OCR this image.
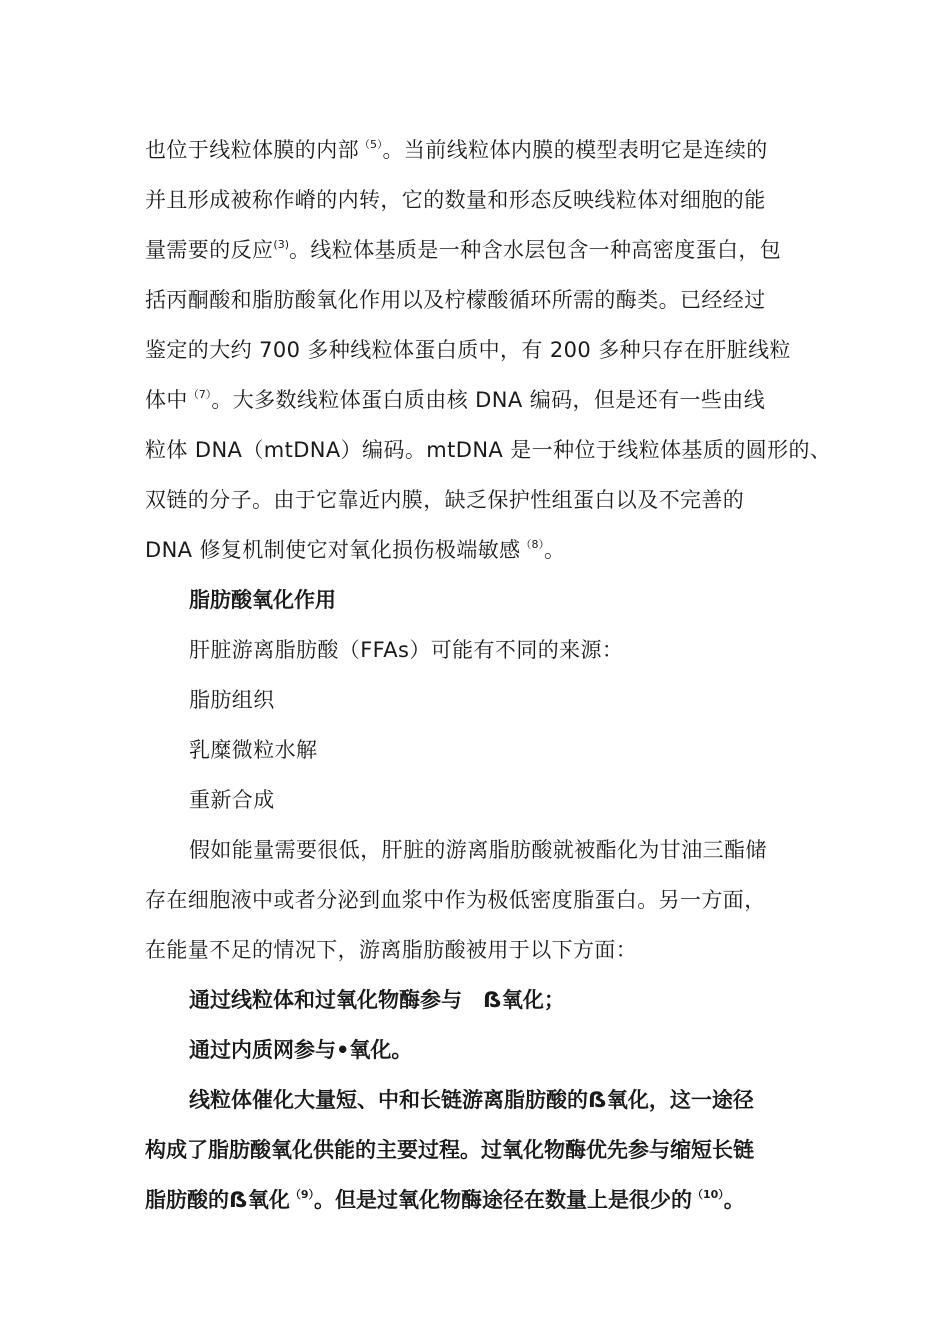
也位于线粒体膜的内部$^{(5)}$。当前线粒体内膜的模型表明它是连续的
并且形成被称作嵴的内转，它的数量和形态反映线粒体对细胞的能
量需要的反应$^{(3)}$。线粒体基质是一种含水层包含一种高密度蛋白，包
括丙酮酸和脂肪酸氧化作用以及柠檬酸循环所需的酶类。已经经过
鉴定的大约 700 多种线粒体蛋白质中，有 200 多种只存在肝脏线粒
体中$^{(7)}$。大多数线粒体蛋白质由核 DNA 编码，但是还有一些由线
粒体 DNA（mtDNA）编码。mtDNA 是一种位于线粒体基质的圆形的、
双链的分子。由于它靠近内膜，缺乏保护性组蛋白以及不完善的
DNA 修复机制使它对氧化损伤极端敏感$^{(8)}$。
脂肪酸氧化作用
肝脏游离脂肪酸（FFAs）可能有不同的来源：
脂肪组织
乳糜微粒水解
重新合成
假如能量需要很低，肝脏的游离脂肪酸就被酯化为甘油三酯储
存在细胞液中或者分泌到血浆中作为极低密度脂蛋白。另一方面，
在能量不足的情况下，游离脂肪酸被用于以下方面：
通过线粒体和过氧化物酶参与　ẞ氧化；
通过内质网参与•氧化。
线粒体催化大量短、中和长链游离脂肪酸的ẞ氧化，这一途径
构成了脂肪酸氧化供能的主要过程。过氧化物酶优先参与缩短长链
脂肪酸的ẞ氧化$^{(9)}$。但是过氧化物酶途径在数量上是很少的$^{(10)}$。
